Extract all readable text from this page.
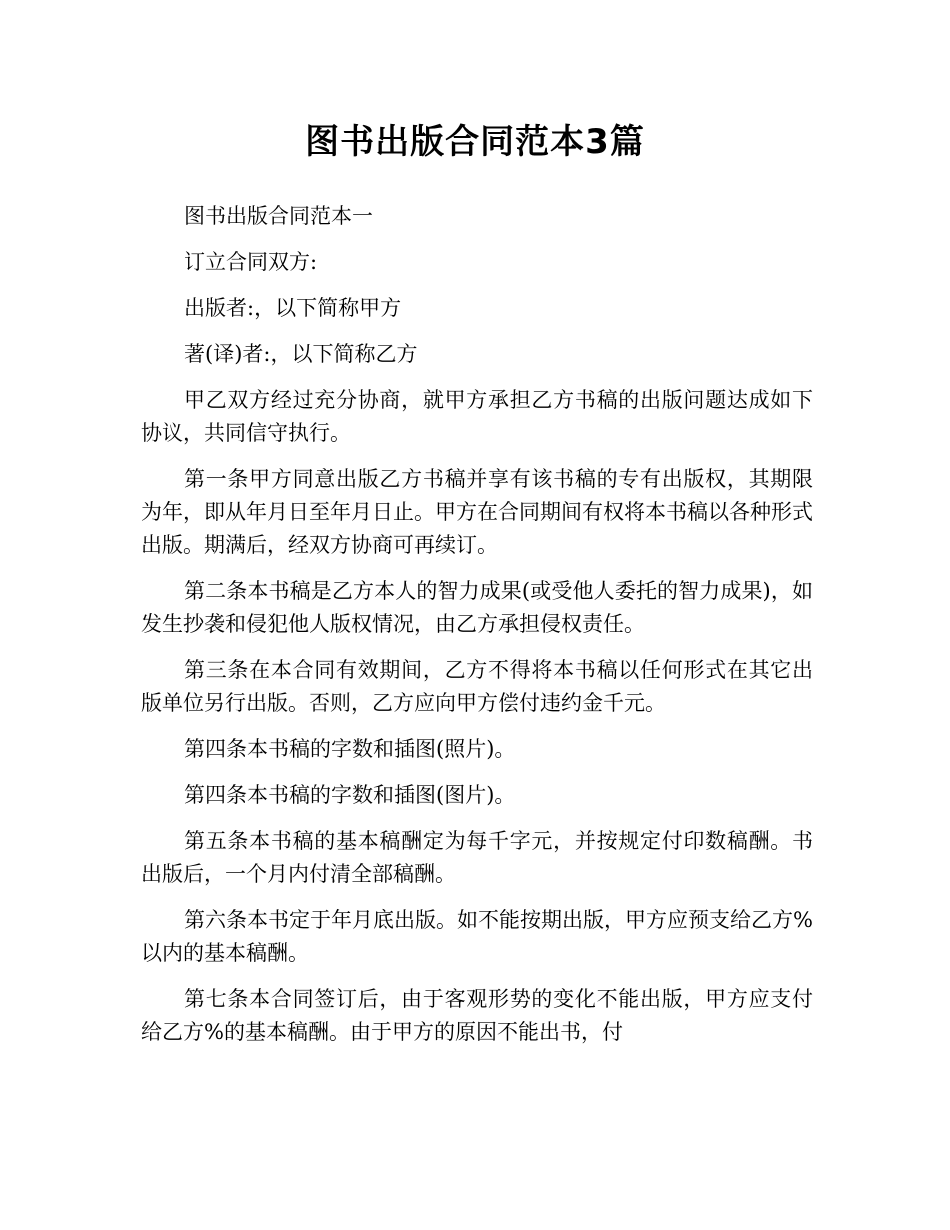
图书出版合同范本3篇

图书出版合同范本一

订立合同双方:

出版者:，以下简称甲方

著(译)者:，以下简称乙方

甲乙双方经过充分协商，就甲方承担乙方书稿的出版问题达成如下协议，共同信守执行。

第一条甲方同意出版乙方书稿并享有该书稿的专有出版权，其期限为年，即从年月日至年月日止。甲方在合同期间有权将本书稿以各种形式出版。期满后，经双方协商可再续订。

第二条本书稿是乙方本人的智力成果(或受他人委托的智力成果)，如发生抄袭和侵犯他人版权情况，由乙方承担侵权责任。

第三条在本合同有效期间，乙方不得将本书稿以任何形式在其它出版单位另行出版。否则，乙方应向甲方偿付违约金千元。

第四条本书稿的字数和插图(照片)。

第四条本书稿的字数和插图(图片)。

第五条本书稿的基本稿酬定为每千字元，并按规定付印数稿酬。书出版后，一个月内付清全部稿酬。

第六条本书定于年月底出版。如不能按期出版，甲方应预支给乙方%以内的基本稿酬。

第七条本合同签订后，由于客观形势的变化不能出版，甲方应支付给乙方%的基本稿酬。由于甲方的原因不能出书，付
